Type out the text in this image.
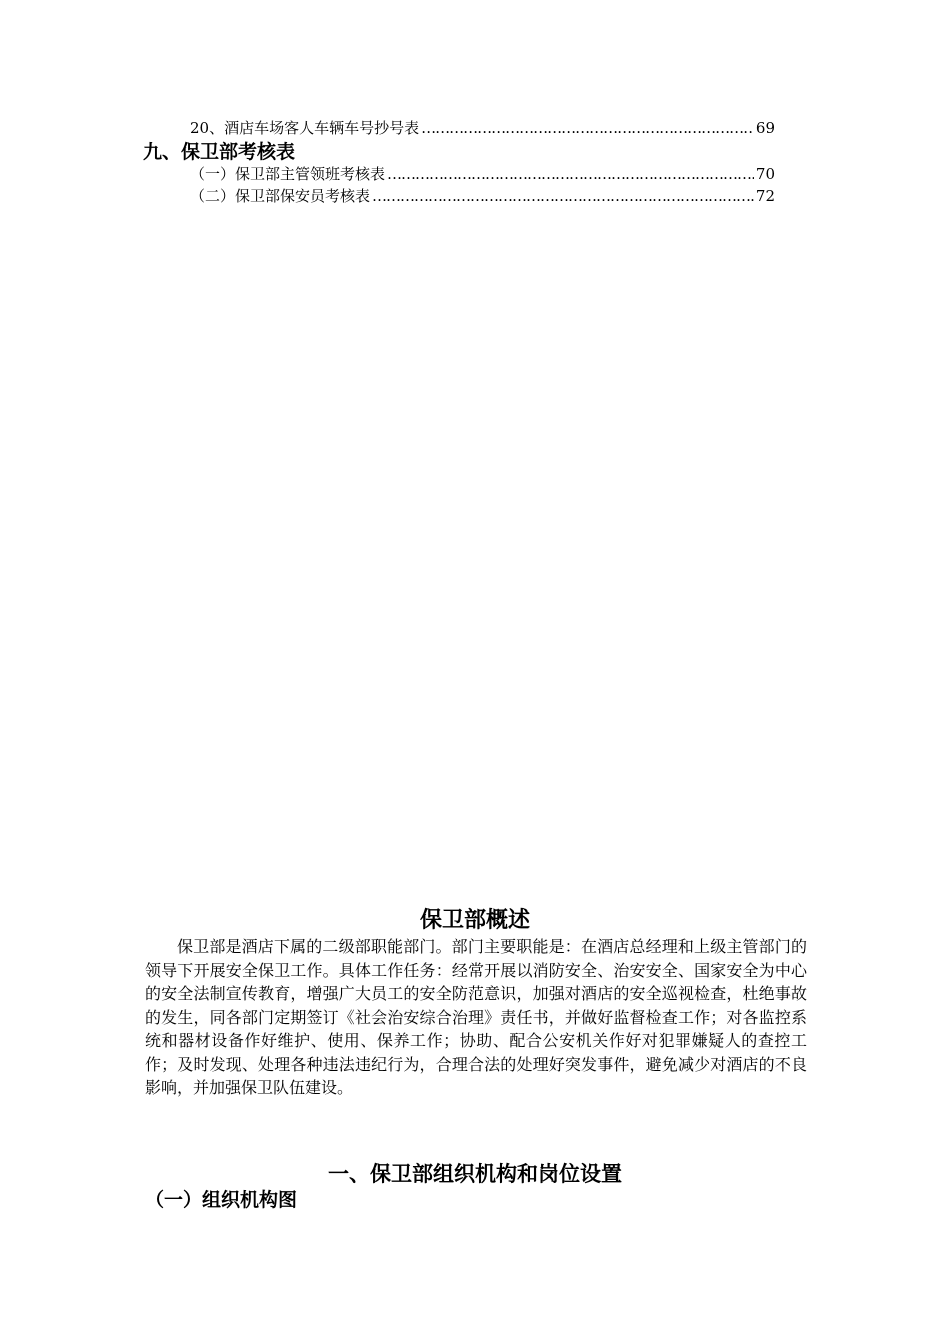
20、酒店车场客人车辆车号抄号表 ……………………………………………………………………………………………………………………………………………………	69
九、保卫部考核表
（一）保卫部主管领班考核表 ……………………………………………………………………………………………………………………………………………………	70
（二）保卫部保安员考核表 ……………………………………………………………………………………………………………………………………………………	72
保卫部概述

保卫部是酒店下属的二级部职能部门。部门主要职能是：在酒店总经理和上级主管部门的领导下开展安全保卫工作。具体工作任务：经常开展以消防安全、治安安全、国家安全为中心的安全法制宣传教育，增强广大员工的安全防范意识，加强对酒店的安全巡视检查，杜绝事故的发生，同各部门定期签订《社会治安综合治理》责任书，并做好监督检查工作；对各监控系统和器材设备作好维护、使用、保养工作；协助、配合公安机关作好对犯罪嫌疑人的查控工作；及时发现、处理各种违法违纪行为，合理合法的处理好突发事件，避免减少对酒店的不良影响，并加强保卫队伍建设。

一、保卫部组织机构和岗位设置
（一）组织机构图
